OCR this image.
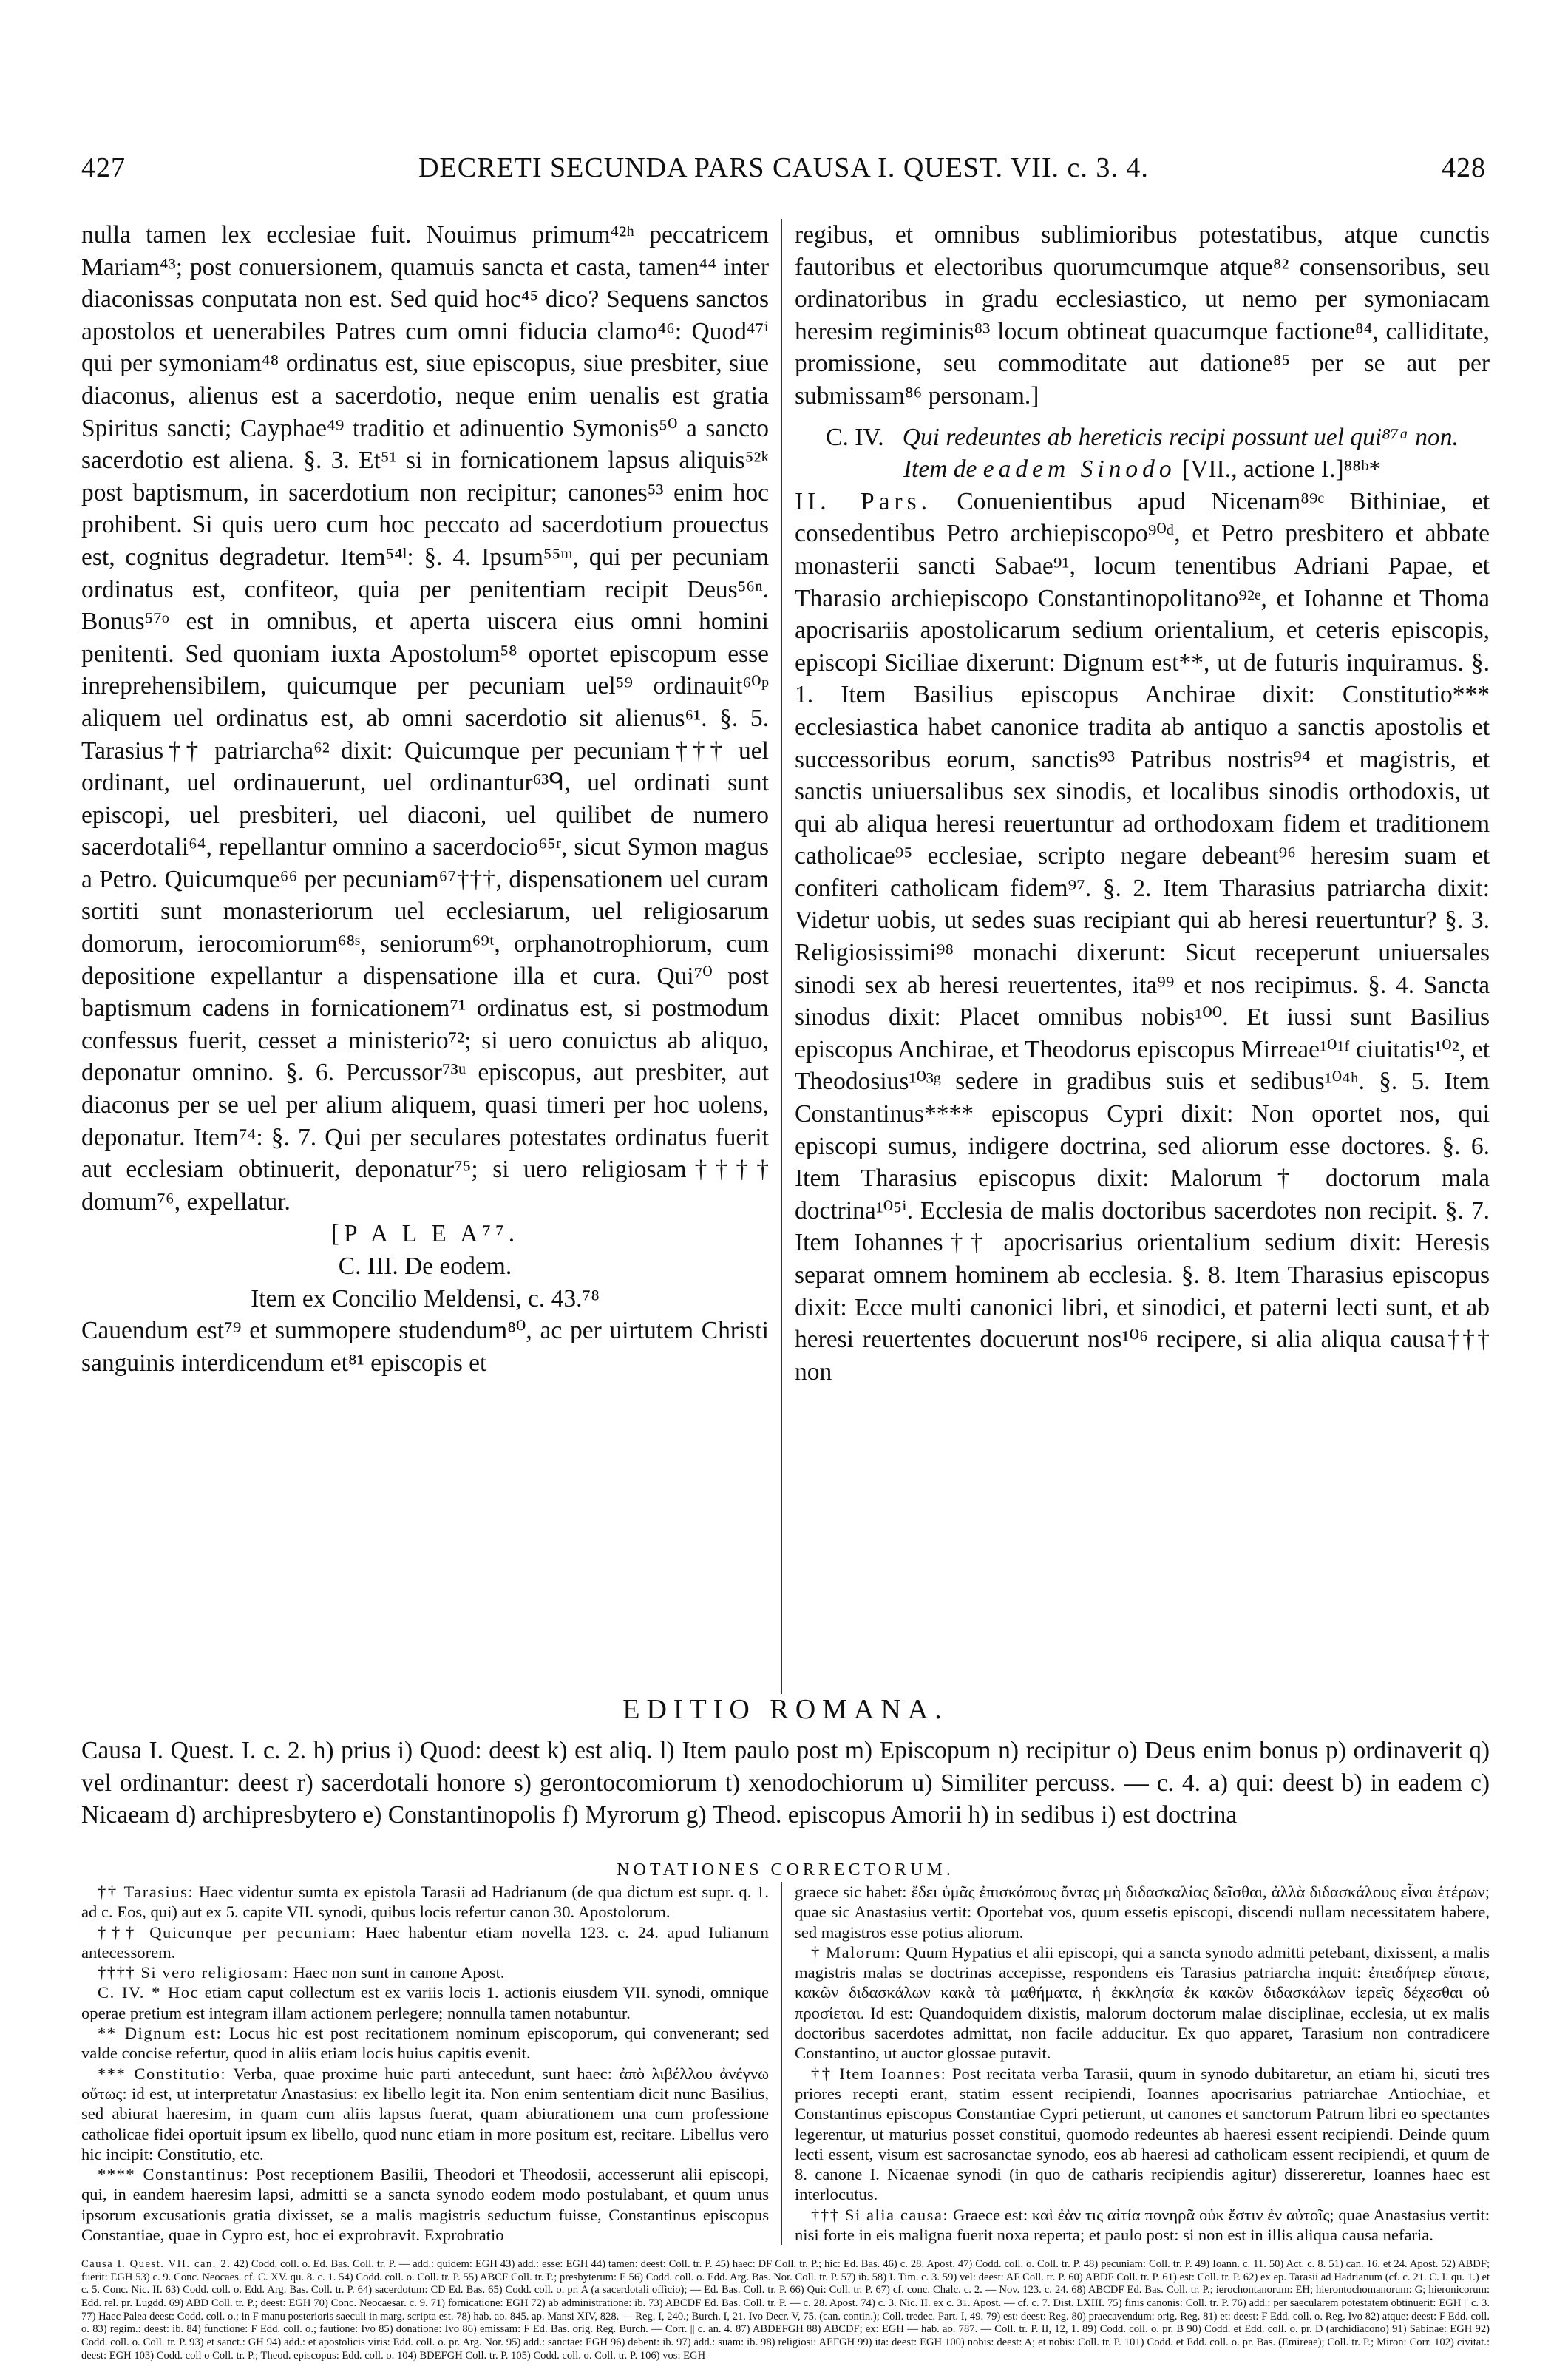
427	DECRETI SECUNDA PARS CAUSA I. QUEST. VII. c. 3. 4.	428

nulla tamen lex ecclesiae fuit. Nouimus primum⁴²ʰ peccatricem Mariam⁴³; post conuersionem, quamuis sancta et casta, tamen⁴⁴ inter diaconissas conputata non est. Sed quid hoc⁴⁵ dico? Sequens sanctos apostolos et uenerabiles Patres cum omni fiducia clamo⁴⁶: Quod⁴⁷ⁱ qui per symoniam⁴⁸ ordinatus est, siue episcopus, siue presbiter, siue diaconus, alienus est a sacerdotio, neque enim uenalis est gratia Spiritus sancti; Cayphae⁴⁹ traditio et adinuentio Symonis⁵⁰ a sancto sacerdotio est aliena. §. 3. Et⁵¹ si in fornicationem lapsus aliquis⁵²ᵏ post baptismum, in sacerdotium non recipitur; canones⁵³ enim hoc prohibent. Si quis uero cum hoc peccato ad sacerdotium prouectus est, cognitus degradetur. Item⁵⁴ˡ: §. 4. Ipsum⁵⁵ᵐ, qui per pecuniam ordinatus est, confiteor, quia per penitentiam recipit Deus⁵⁶ⁿ. Bonus⁵⁷ᵒ est in omnibus, et aperta uiscera eius omni homini penitenti. Sed quoniam iuxta Apostolum⁵⁸ oportet episcopum esse inreprehensibilem, quicumque per pecuniam uel⁵⁹ ordinauit⁶⁰ᵖ aliquem uel ordinatus est, ab omni sacerdotio sit alienus⁶¹. §. 5. Tarasius†† patriarcha⁶² dixit: Quicumque per pecuniam††† uel ordinant, uel ordinauerunt, uel ordinantur⁶³ᑫ, uel ordinati sunt episcopi, uel presbiteri, uel diaconi, uel quilibet de numero sacerdotali⁶⁴, repellantur omnino a sacerdocio⁶⁵ʳ, sicut Symon magus a Petro. Quicumque⁶⁶ per pecuniam⁶⁷†††, dispensationem uel curam sortiti sunt monasteriorum uel ecclesiarum, uel religiosarum domorum, ierocomiorum⁶⁸ˢ, seniorum⁶⁹ᵗ, orphanotrophiorum, cum depositione expellantur a dispensatione illa et cura. Qui⁷⁰ post baptismum cadens in fornicationem⁷¹ ordinatus est, si postmodum confessus fuerit, cesset a ministerio⁷²; si uero conuictus ab aliquo, deponatur omnino. §. 6. Percussor⁷³ᵘ episcopus, aut presbiter, aut diaconus per se uel per alium aliquem, quasi timeri per hoc uolens, deponatur. Item⁷⁴: §. 7. Qui per seculares potestates ordinatus fuerit aut ecclesiam obtinuerit, deponatur⁷⁵; si uero religiosam†††† domum⁷⁶, expellatur.

[P A L E A⁷⁷.

C. III. De eodem.

Item ex Concilio Meldensi, c. 43.⁷⁸

Cauendum est⁷⁹ et summopere studendum⁸⁰, ac per uirtutem Christi sanguinis interdicendum et⁸¹ episcopis et

regibus, et omnibus sublimioribus potestatibus, atque cunctis fautoribus et electoribus quorumcumque atque⁸² consensoribus, seu ordinatoribus in gradu ecclesiastico, ut nemo per symoniacam heresim regiminis⁸³ locum obtineat quacumque factione⁸⁴, calliditate, promissione, seu commoditate aut datione⁸⁵ per se aut per submissam⁸⁶ personam.]

C. IV. Qui redeuntes ab hereticis recipi possunt uel qui⁸⁷ᵃ non.

Item de eadem Sinodo [VII., actione I.]⁸⁸ᵇ*

II. Pars. Conuenientibus apud Nicenam⁸⁹ᶜ Bithiniae, et consedentibus Petro archiepiscopo⁹⁰ᵈ, et Petro presbitero et abbate monasterii sancti Sabae⁹¹, locum tenentibus Adriani Papae, et Tharasio archiepiscopo Constantinopolitano⁹²ᵉ, et Iohanne et Thoma apocrisariis apostolicarum sedium orientalium, et ceteris episcopis, episcopi Siciliae dixerunt: Dignum est**, ut de futuris inquiramus. §. 1. Item Basilius episcopus Anchirae dixit: Constitutio*** ecclesiastica habet canonice tradita ab antiquo a sanctis apostolis et successoribus eorum, sanctis⁹³ Patribus nostris⁹⁴ et magistris, et sanctis uniuersalibus sex sinodis, et localibus sinodis orthodoxis, ut qui ab aliqua heresi reuertuntur ad orthodoxam fidem et traditionem catholicae⁹⁵ ecclesiae, scripto negare debeant⁹⁶ heresim suam et confiteri catholicam fidem⁹⁷. §. 2. Item Tharasius patriarcha dixit: Videtur uobis, ut sedes suas recipiant qui ab heresi reuertuntur? §. 3. Religiosissimi⁹⁸ monachi dixerunt: Sicut receperunt uniuersales sinodi sex ab heresi reuertentes, ita⁹⁹ et nos recipimus. §. 4. Sancta sinodus dixit: Placet omnibus nobis¹⁰⁰. Et iussi sunt Basilius episcopus Anchirae, et Theodorus episcopus Mirreae¹⁰¹ᶠ ciuitatis¹⁰², et Theodosius¹⁰³ᵍ sedere in gradibus suis et sedibus¹⁰⁴ʰ. §. 5. Item Constantinus**** episcopus Cypri dixit: Non oportet nos, qui episcopi sumus, indigere doctrina, sed aliorum esse doctores. §. 6. Item Tharasius episcopus dixit: Malorum† doctorum mala doctrina¹⁰⁵ⁱ. Ecclesia de malis doctoribus sacerdotes non recipit. §. 7. Item Iohannes†† apocrisarius orientalium sedium dixit: Heresis separat omnem hominem ab ecclesia. §. 8. Item Tharasius episcopus dixit: Ecce multi canonici libri, et sinodici, et paterni lecti sunt, et ab heresi reuertentes docuerunt nos¹⁰⁶ recipere, si alia aliqua causa††† non

EDITIO ROMANA.

Causa I. Quest. I. c. 2. h) prius i) Quod: deest k) est aliq. l) Item paulo post m) Episcopum n) recipitur o) Deus enim bonus p) ordinaverit q) vel ordinantur: deest r) sacerdotali honore s) gerontocomiorum t) xenodochiorum u) Similiter percuss. — c. 4. a) qui: deest b) in eadem c) Nicaeam d) archipresbytero e) Constantinopolis f) Myrorum g) Theod. episcopus Amorii h) in sedibus i) est doctrina

NOTATIONES CORRECTORUM.

†† Tarasius: Haec videntur sumta ex epistola Tarasii ad Hadrianum (de qua dictum est supr. q. 1. ad c. Eos, qui) aut ex 5. capite VII. synodi, quibus locis refertur canon 30. Apostolorum.

††† Quicunque per pecuniam: Haec habentur etiam novella 123. c. 24. apud Iulianum antecessorem.

†††† Si vero religiosam: Haec non sunt in canone Apost.

C. IV. * Hoc etiam caput collectum est ex variis locis 1. actionis eiusdem VII. synodi, omnique operae pretium est integram illam actionem perlegere; nonnulla tamen notabuntur.

** Dignum est: Locus hic est post recitationem nominum episcoporum, qui convenerant; sed valde concise refertur, quod in aliis etiam locis huius capitis evenit.

*** Constitutio: Verba, quae proxime huic parti antecedunt, sunt haec: ἀπὸ λιβέλλου ἀνέγνω οὕτως: id est, ut interpretatur Anastasius: ex libello legit ita. Non enim sententiam dicit nunc Basilius, sed abiurat haeresim, in quam cum aliis lapsus fuerat, quam abiurationem una cum professione catholicae fidei oportuit ipsum ex libello, quod nunc etiam in more positum est, recitare. Libellus vero hic incipit: Constitutio, etc.

**** Constantinus: Post receptionem Basilii, Theodori et Theodosii, accesserunt alii episcopi, qui, in eandem haeresim lapsi, admitti se a sancta synodo eodem modo postulabant, et quum unus ipsorum excusationis gratia dixisset, se a malis magistris seductum fuisse, Constantinus episcopus Constantiae, quae in Cypro est, hoc ei exprobravit. Exprobratio

graece sic habet: ἔδει ὑμᾶς ἐπισκόπους ὄντας μὴ διδασκαλίας δεῖσθαι, ἀλλὰ διδασκάλους εἶναι ἑτέρων; quae sic Anastasius vertit: Oportebat vos, quum essetis episcopi, discendi nullam necessitatem habere, sed magistros esse potius aliorum.

† Malorum: Quum Hypatius et alii episcopi, qui a sancta synodo admitti petebant, dixissent, a malis magistris malas se doctrinas accepisse, respondens eis Tarasius patriarcha inquit: ἐπειδήπερ εἴπατε, κακῶν διδασκάλων κακὰ τὰ μαθήματα, ἡ ἐκκλησία ἐκ κακῶν διδασκάλων ἱερεῖς δέχεσθαι οὐ προσίεται. Id est: Quandoquidem dixistis, malorum doctorum malae disciplinae, ecclesia, ut ex malis doctoribus sacerdotes admittat, non facile adducitur. Ex quo apparet, Tarasium non contradicere Constantino, ut auctor glossae putavit.

†† Item Ioannes: Post recitata verba Tarasii, quum in synodo dubitaretur, an etiam hi, sicuti tres priores recepti erant, statim essent recipiendi, Ioannes apocrisarius patriarchae Antiochiae, et Constantinus episcopus Constantiae Cypri petierunt, ut canones et sanctorum Patrum libri eo spectantes legerentur, ut maturius posset constitui, quomodo redeuntes ab haeresi essent recipiendi. Deinde quum lecti essent, visum est sacrosanctae synodo, eos ab haeresi ad catholicam essent recipiendi, et quum de 8. canone I. Nicaenae synodi (in quo de catharis recipiendis agitur) dissereretur, Ioannes haec est interlocutus.

††† Si alia causa: Graece est: καὶ ἐὰν τις αἰτία πονηρᾶ οὐκ ἔστιν ἐν αὐτοῖς; quae Anastasius vertit: nisi forte in eis maligna fuerit noxa reperta; et paulo post: si non est in illis aliqua causa nefaria.

Causa I. Quest. VII. can. 2. 42) Codd. coll. o. Ed. Bas. Coll. tr. P. — add.: quidem: EGH 43) add.: esse: EGH 44) tamen: deest: Coll. tr. P. 45) haec: DF Coll. tr. P.; hic: Ed. Bas. 46) c. 28. Apost. 47) Codd. coll. o. Coll. tr. P. 48) pecuniam: Coll. tr. P. 49) Ioann. c. 11. 50) Act. c. 8. 51) can. 16. et 24. Apost. 52) ABDF; fuerit: EGH 53) c. 9. Conc. Neocaes. cf. C. XV. qu. 8. c. 1. 54) Codd. coll. o. Coll. tr. P. 55) ABCF Coll. tr. P.; presbyterum: E 56) Codd. coll. o. Edd. Arg. Bas. Nor. Coll. tr. P. 57) ib. 58) I. Tim. c. 3. 59) vel: deest: AF Coll. tr. P. 60) ABDF Coll. tr. P. 61) est: Coll. tr. P. 62) ex ep. Tarasii ad Hadrianum (cf. c. 21. C. I. qu. 1.) et c. 5. Conc. Nic. II. 63) Codd. coll. o. Edd. Arg. Bas. Coll. tr. P. 64) sacerdotum: CD Ed. Bas. 65) Codd. coll. o. pr. A (a sacerdotali officio); — Ed. Bas. Coll. tr. P. 66) Qui: Coll. tr. P. 67) cf. conc. Chalc. c. 2. — Nov. 123. c. 24. 68) ABCDF Ed. Bas. Coll. tr. P.; ierochontanorum: EH; hierontochomanorum: G; hieronicorum: Edd. rel. pr. Lugdd. 69) ABD Coll. tr. P.; deest: EGH 70) Conc. Neocaesar. c. 9. 71) fornicatione: EGH 72) ab administratione: ib. 73) ABCDF Ed. Bas. Coll. tr. P. — c. 28. Apost. 74) c. 3. Nic. II. ex c. 31. Apost. — cf. c. 7. Dist. LXIII. 75) finis canonis: Coll. tr. P. 76) add.: per saecularem potestatem obtinuerit: EGH || c. 3. 77) Haec Palea deest: Codd. coll. o.; in F manu posterioris saeculi in marg. scripta est. 78) hab. ao. 845. ap. Mansi XIV, 828. — Reg. I, 240.; Burch. I, 21. Ivo Decr. V, 75. (can. contin.); Coll. tredec. Part. I, 49. 79) est: deest: Reg. 80) praecavendum: orig. Reg. 81) et: deest: F Edd. coll. o. Reg. Ivo 82) atque: deest: F Edd. coll. o. 83) regim.: deest: ib. 84) functione: F Edd. coll. o.; fautione: Ivo 85) donatione: Ivo 86) emissam: F Ed. Bas. orig. Reg. Burch. — Corr. || c. an. 4. 87) ABDEFGH 88) ABCDF; ex: EGH — hab. ao. 787. — Coll. tr. P. II, 12, 1. 89) Codd. coll. o. pr. B 90) Codd. et Edd. coll. o. pr. D (archidiacono) 91) Sabinae: EGH 92) Codd. coll. o. Coll. tr. P. 93) et sanct.: GH 94) add.: et apostolicis viris: Edd. coll. o. pr. Arg. Nor. 95) add.: sanctae: EGH 96) debent: ib. 97) add.: suam: ib. 98) religiosi: AEFGH 99) ita: deest: EGH 100) nobis: deest: A; et nobis: Coll. tr. P. 101) Codd. et Edd. coll. o. pr. Bas. (Emireae); Coll. tr. P.; Miron: Corr. 102) civitat.: deest: EGH 103) Codd. coll o Coll. tr. P.; Theod. episcopus: Edd. coll. o. 104) BDEFGH Coll. tr. P. 105) Codd. coll. o. Coll. tr. P. 106) vos: EGH
